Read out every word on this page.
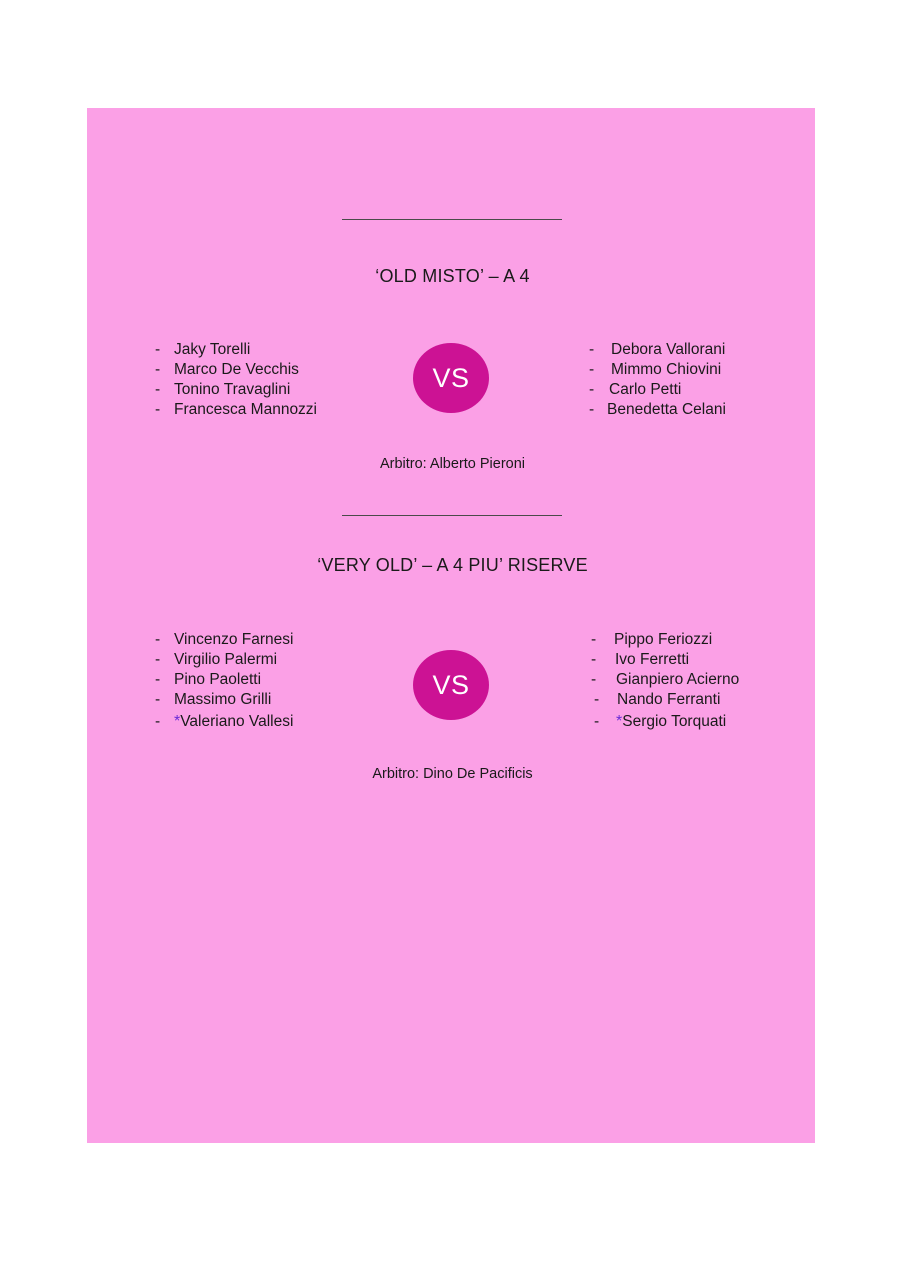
‘OLD MISTO’ – A 4
- Jaky Torelli
- Marco De Vecchis
- Tonino Travaglini
- Francesca Mannozzi
VS
- Debora Vallorani
- Mimmo Chiovini
- Carlo Petti
- Benedetta Celani
Arbitro: Alberto Pieroni
‘VERY OLD’ – A 4 PIU’ RISERVE
- Vincenzo Farnesi
- Virgilio Palermi
- Pino Paoletti
- Massimo Grilli
- *Valeriano Vallesi
VS
- Pippo Feriozzi
- Ivo Ferretti
- Gianpiero Acierno
- Nando Ferranti
- *Sergio Torquati
Arbitro: Dino De Pacificis
